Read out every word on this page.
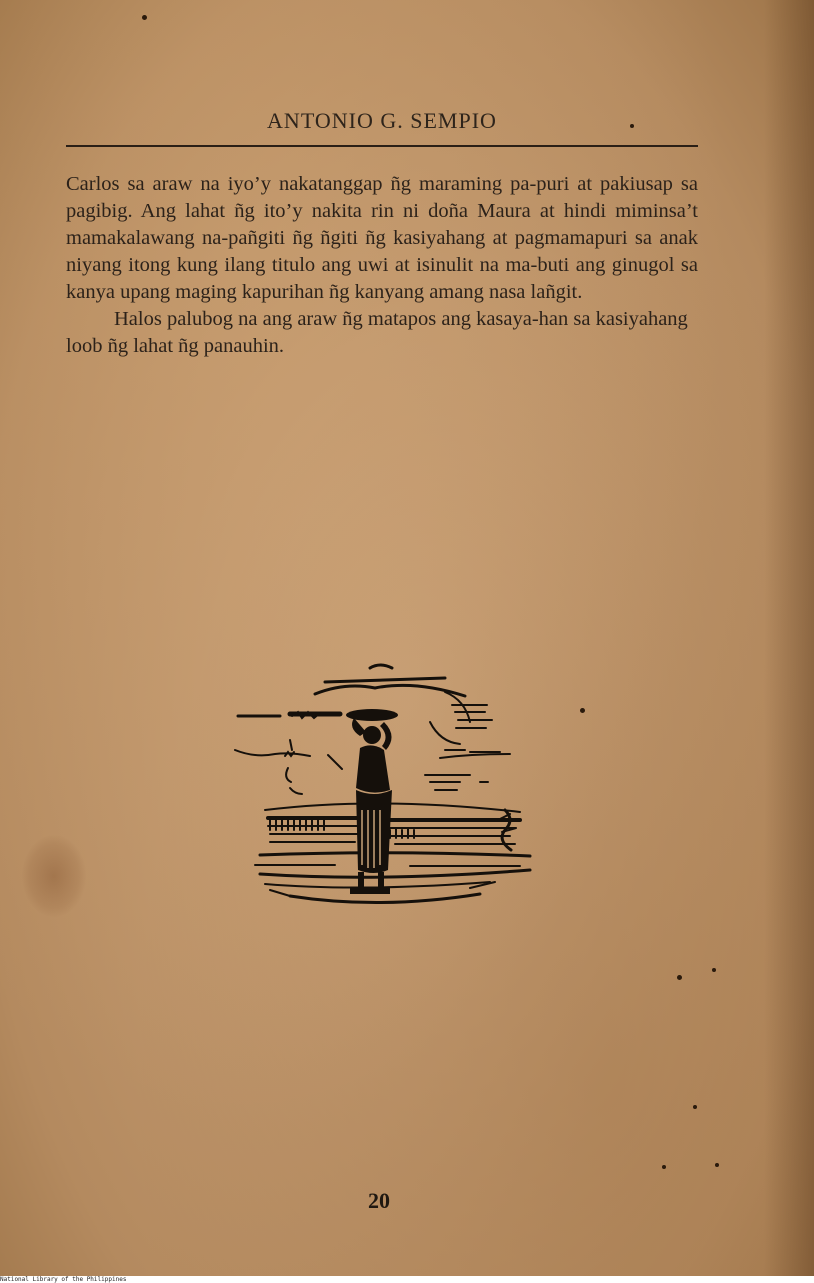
ANTONIO G. SEMPIO

Carlos sa araw na iyo’y nakatanggap ñg maraming pa-puri at pakiusap sa pagibig. Ang lahat ñg ito’y nakita rin ni doña Maura at hindi miminsa’t mamakalawang na-pañgiti ñg ñgiti ñg kasiyahang at pagmamapuri sa anak niyang itong kung ilang titulo ang uwi at isinulit na ma-buti ang ginugol sa kanya upang maging kapurihan ñg kanyang amang nasa lañgit.

Halos palubog na ang araw ñg matapos ang kasaya-han sa kasiyahang loob ñg lahat ñg panauhin.

20
National Library of the Philippines
